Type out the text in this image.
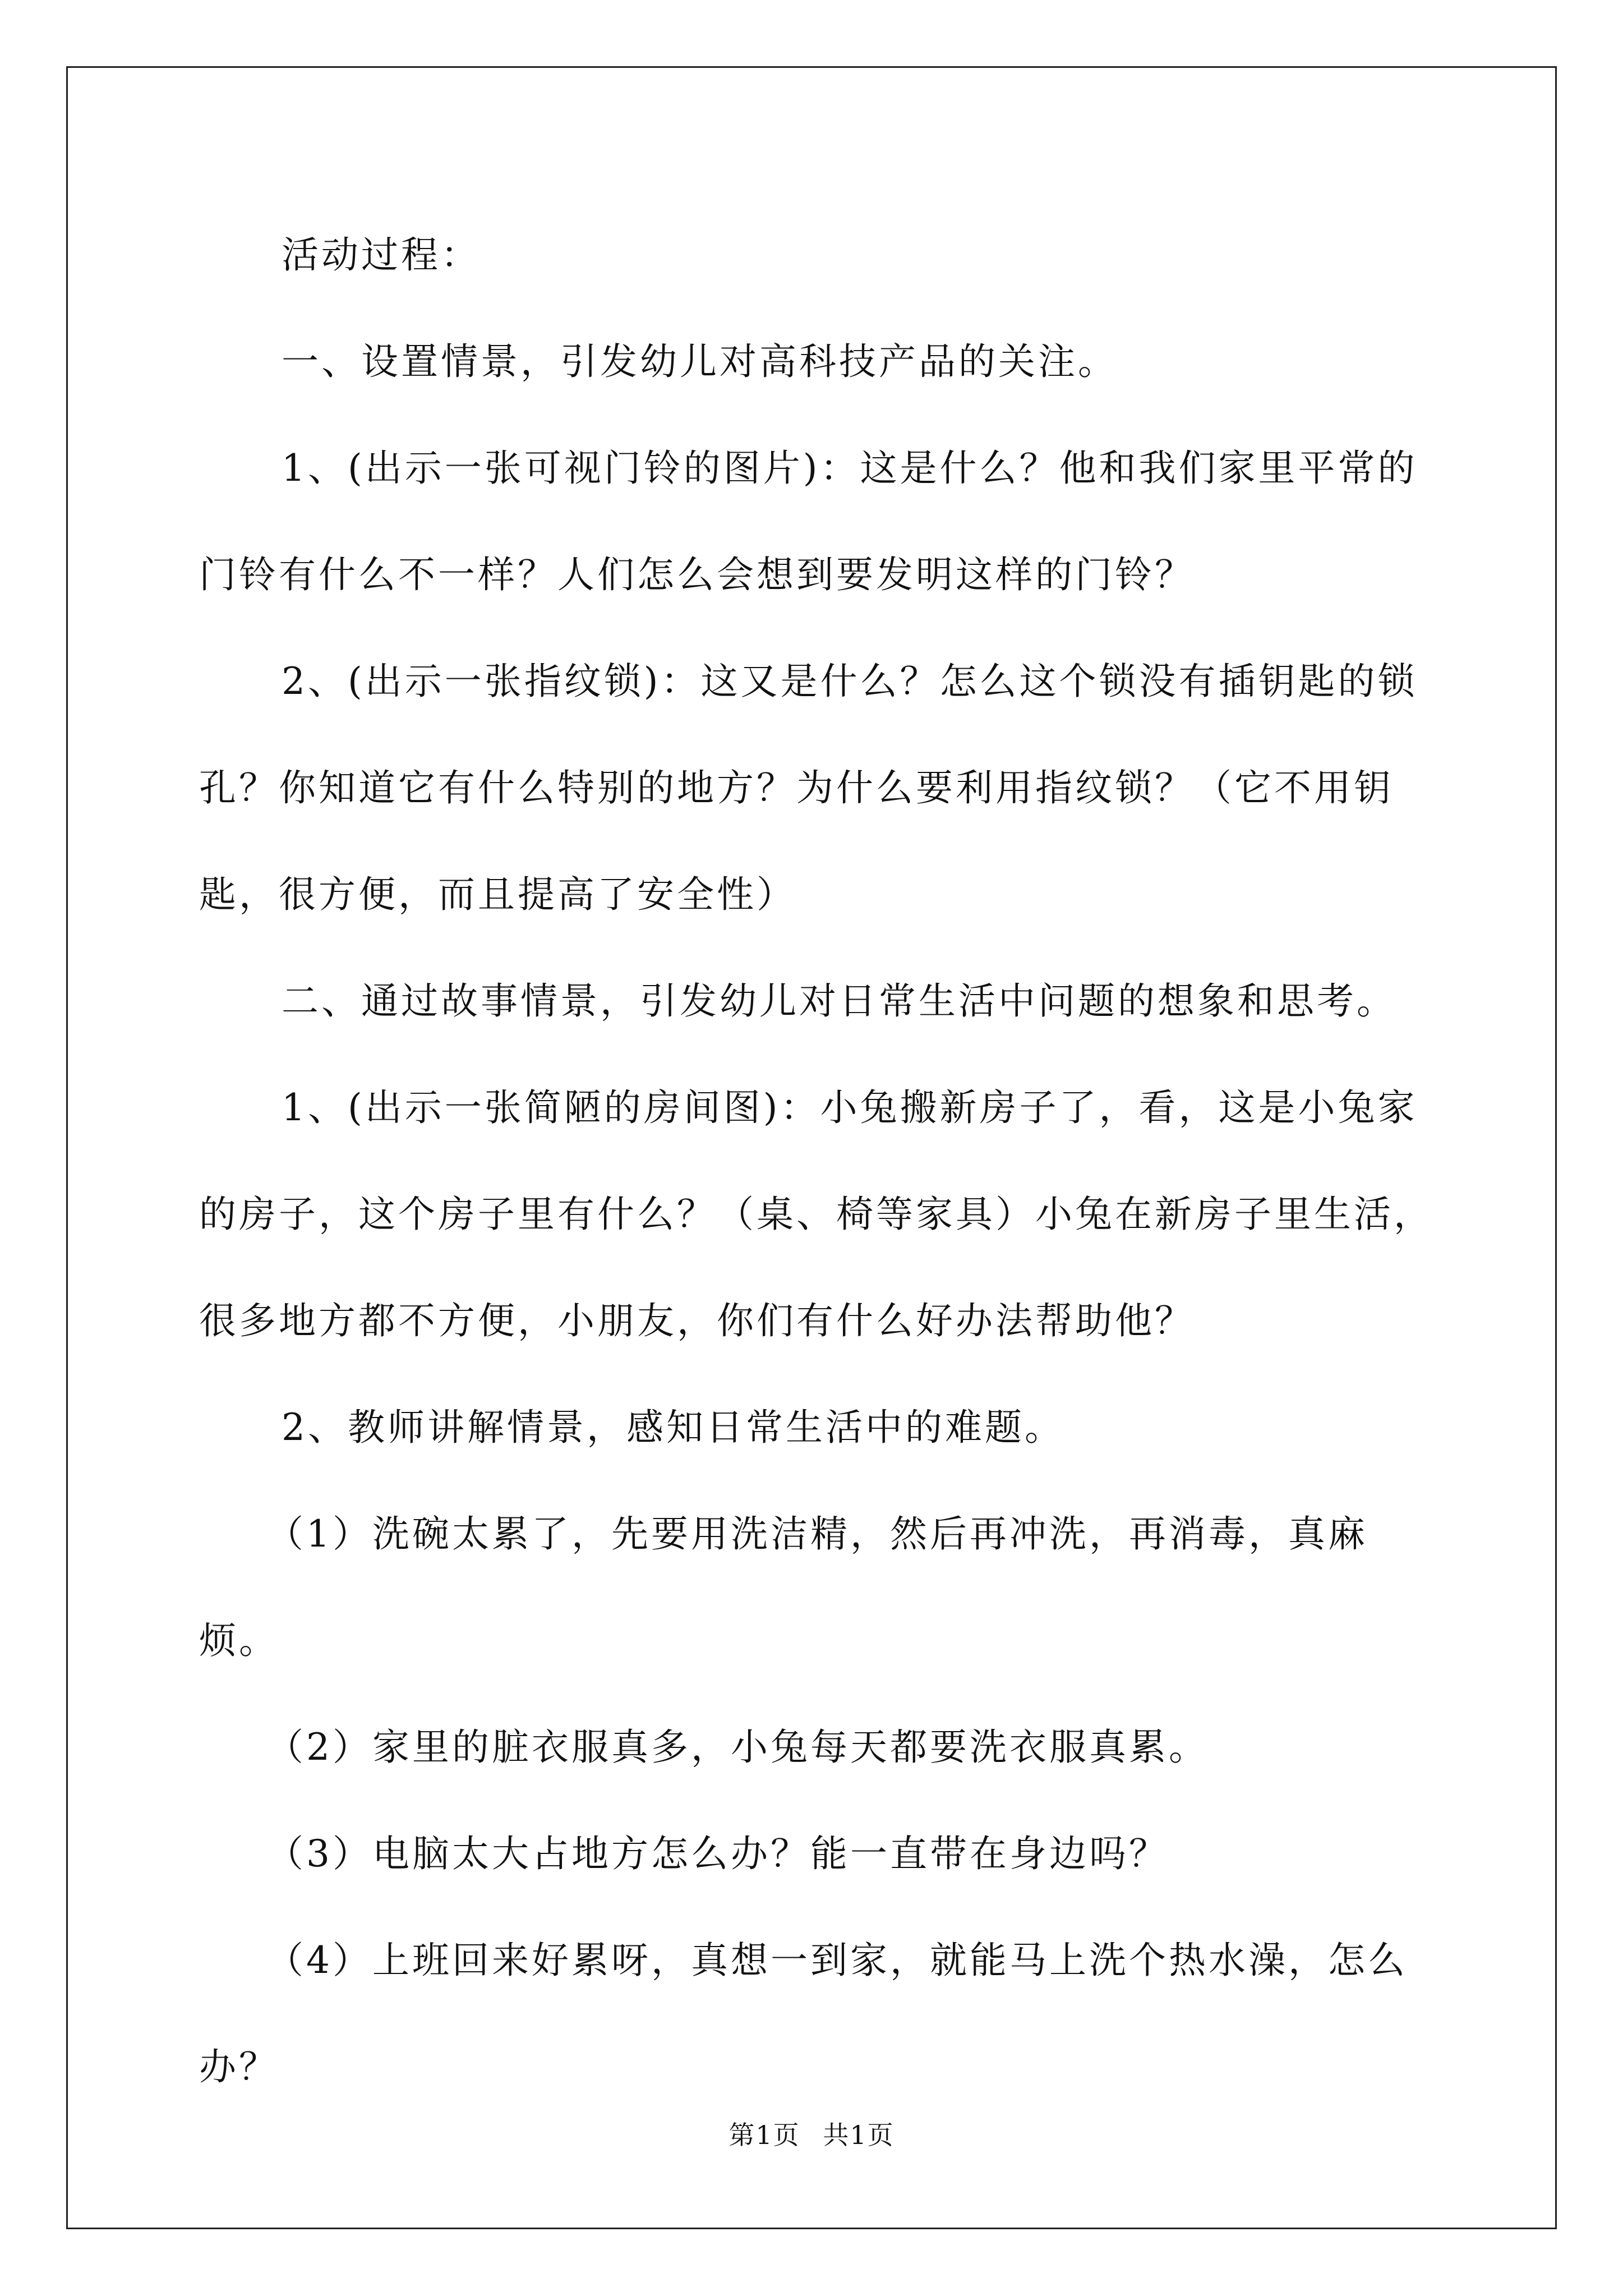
活动过程：

一、设置情景，引发幼儿对高科技产品的关注。

1、(出示一张可视门铃的图片)：这是什么？他和我们家里平常的门铃有什么不一样？人们怎么会想到要发明这样的门铃？

2、(出示一张指纹锁)：这又是什么？怎么这个锁没有插钥匙的锁孔？你知道它有什么特别的地方？为什么要利用指纹锁？（它不用钥匙，很方便，而且提高了安全性）

二、通过故事情景，引发幼儿对日常生活中问题的想象和思考。

1、(出示一张简陋的房间图)：小兔搬新房子了，看，这是小兔家的房子，这个房子里有什么？（桌、椅等家具）小兔在新房子里生活，很多地方都不方便，小朋友，你们有什么好办法帮助他？

2、教师讲解情景，感知日常生活中的难题。

（1）洗碗太累了，先要用洗洁精，然后再冲洗，再消毒，真麻烦。

（2）家里的脏衣服真多，小兔每天都要洗衣服真累。

（3）电脑太大占地方怎么办？能一直带在身边吗？

（4）上班回来好累呀，真想一到家，就能马上洗个热水澡，怎么办？

第1页 共1页
